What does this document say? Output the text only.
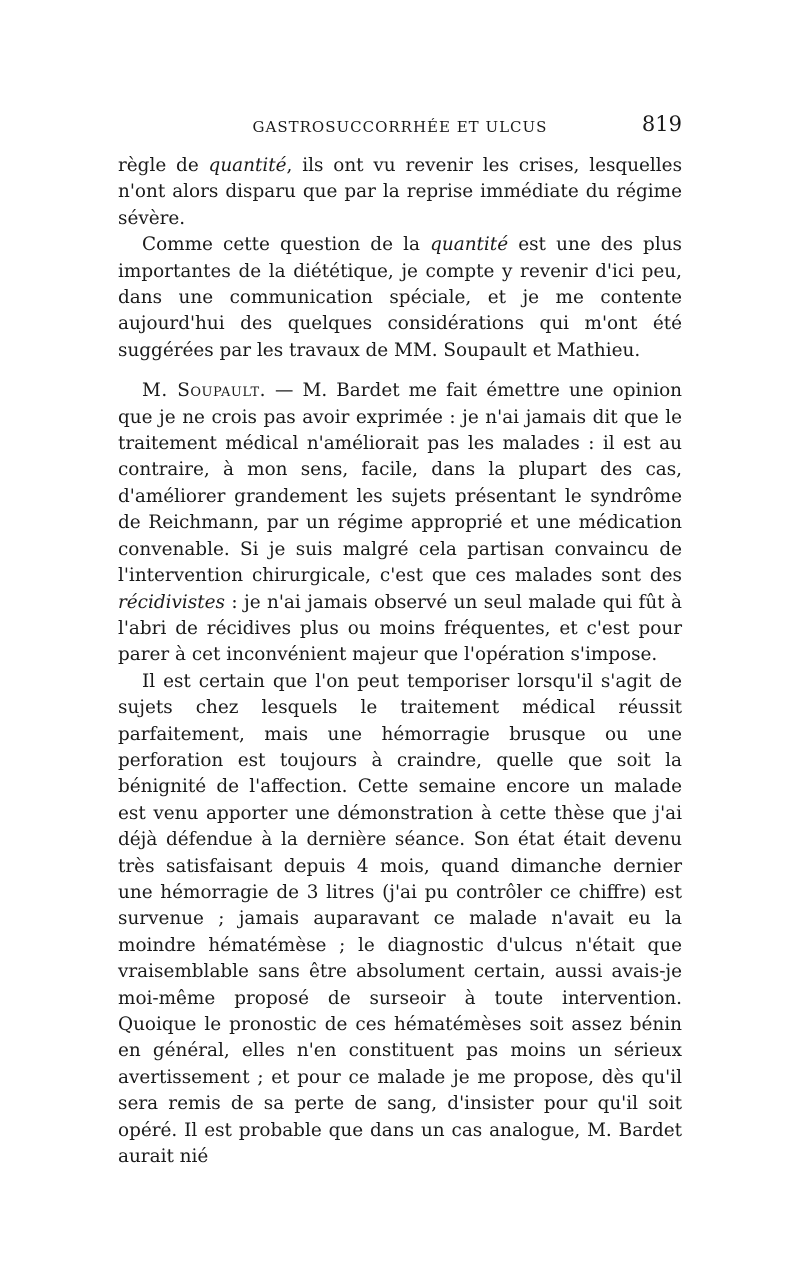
GASTROSUCCORRHÉE ET ULCUS	819

règle de quantité, ils ont vu revenir les crises, lesquelles n'ont alors disparu que par la reprise immédiate du régime sévère.

Comme cette question de la quantité est une des plus importantes de la diététique, je compte y revenir d'ici peu, dans une communication spéciale, et je me contente aujourd'hui des quelques considérations qui m'ont été suggérées par les travaux de MM. Soupault et Mathieu.

M. Soupault. — M. Bardet me fait émettre une opinion que je ne crois pas avoir exprimée : je n'ai jamais dit que le traitement médical n'améliorait pas les malades : il est au contraire, à mon sens, facile, dans la plupart des cas, d'améliorer grandement les sujets présentant le syndrôme de Reichmann, par un régime approprié et une médication convenable. Si je suis malgré cela partisan convaincu de l'intervention chirurgicale, c'est que ces malades sont des récidivistes : je n'ai jamais observé un seul malade qui fût à l'abri de récidives plus ou moins fréquentes, et c'est pour parer à cet inconvénient majeur que l'opération s'impose.

Il est certain que l'on peut temporiser lorsqu'il s'agit de sujets chez lesquels le traitement médical réussit parfaitement, mais une hémorragie brusque ou une perforation est toujours à craindre, quelle que soit la bénignité de l'affection. Cette semaine encore un malade est venu apporter une démonstration à cette thèse que j'ai déjà défendue à la dernière séance. Son état était devenu très satisfaisant depuis 4 mois, quand dimanche dernier une hémorragie de 3 litres (j'ai pu contrôler ce chiffre) est survenue ; jamais auparavant ce malade n'avait eu la moindre hématémèse ; le diagnostic d'ulcus n'était que vraisemblable sans être absolument certain, aussi avais-je moi-même proposé de surseoir à toute intervention. Quoique le pronostic de ces hématémèses soit assez bénin en général, elles n'en constituent pas moins un sérieux avertissement ; et pour ce malade je me propose, dès qu'il sera remis de sa perte de sang, d'insister pour qu'il soit opéré. Il est probable que dans un cas analogue, M. Bardet aurait nié
